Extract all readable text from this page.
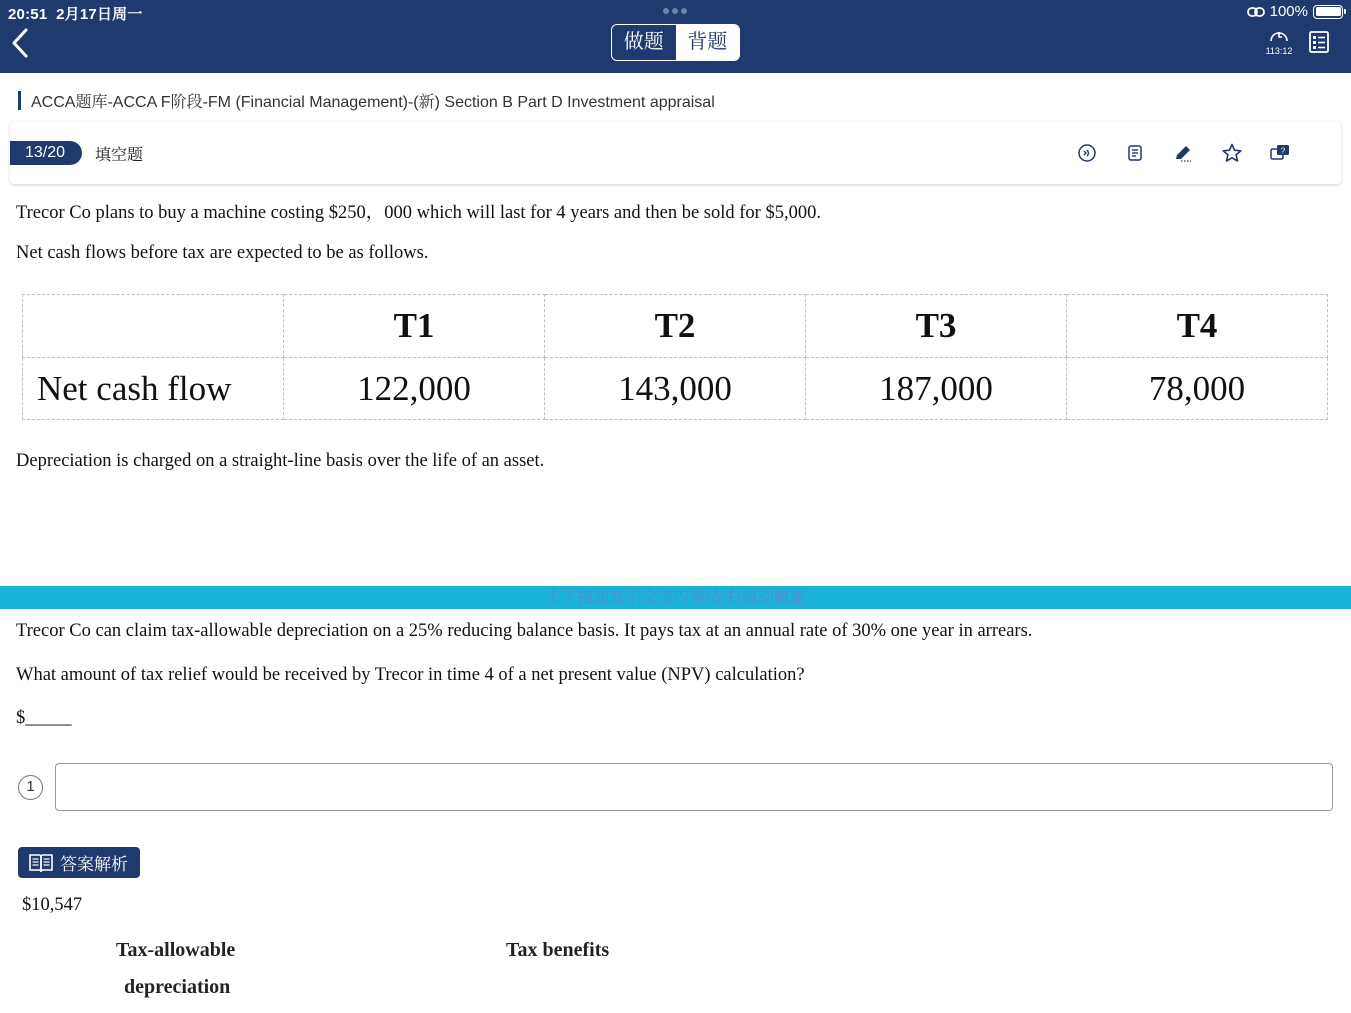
20:51 2月17日周一	100%
做题	背题	113:12
ACCA题库-ACCA F阶段-FM (Financial Management)-(新) Section B Part D Investment appraisal
13/20	填空题	?
Trecor Co plans to buy a machine costing $250，000 which will last for 4 years and then be sold for $5,000.
Net cash flows before tax are expected to be as follows.
	T1	T2	T3	T4
Net cash flow	122,000	143,000	187,000	78,000
Depreciation is charged on a straight-line basis over the life of an asset.
上下拖动显示全部内容/左右滑动做题
Trecor Co can claim tax-allowable depreciation on a 25% reducing balance basis. It pays tax at an annual rate of 30% one year in arrears.
What amount of tax relief would be received by Trecor in time 4 of a net present value (NPV) calculation?
$_____
1
答案解析
$10,547
Tax-allowable
depreciation
Tax benefits
